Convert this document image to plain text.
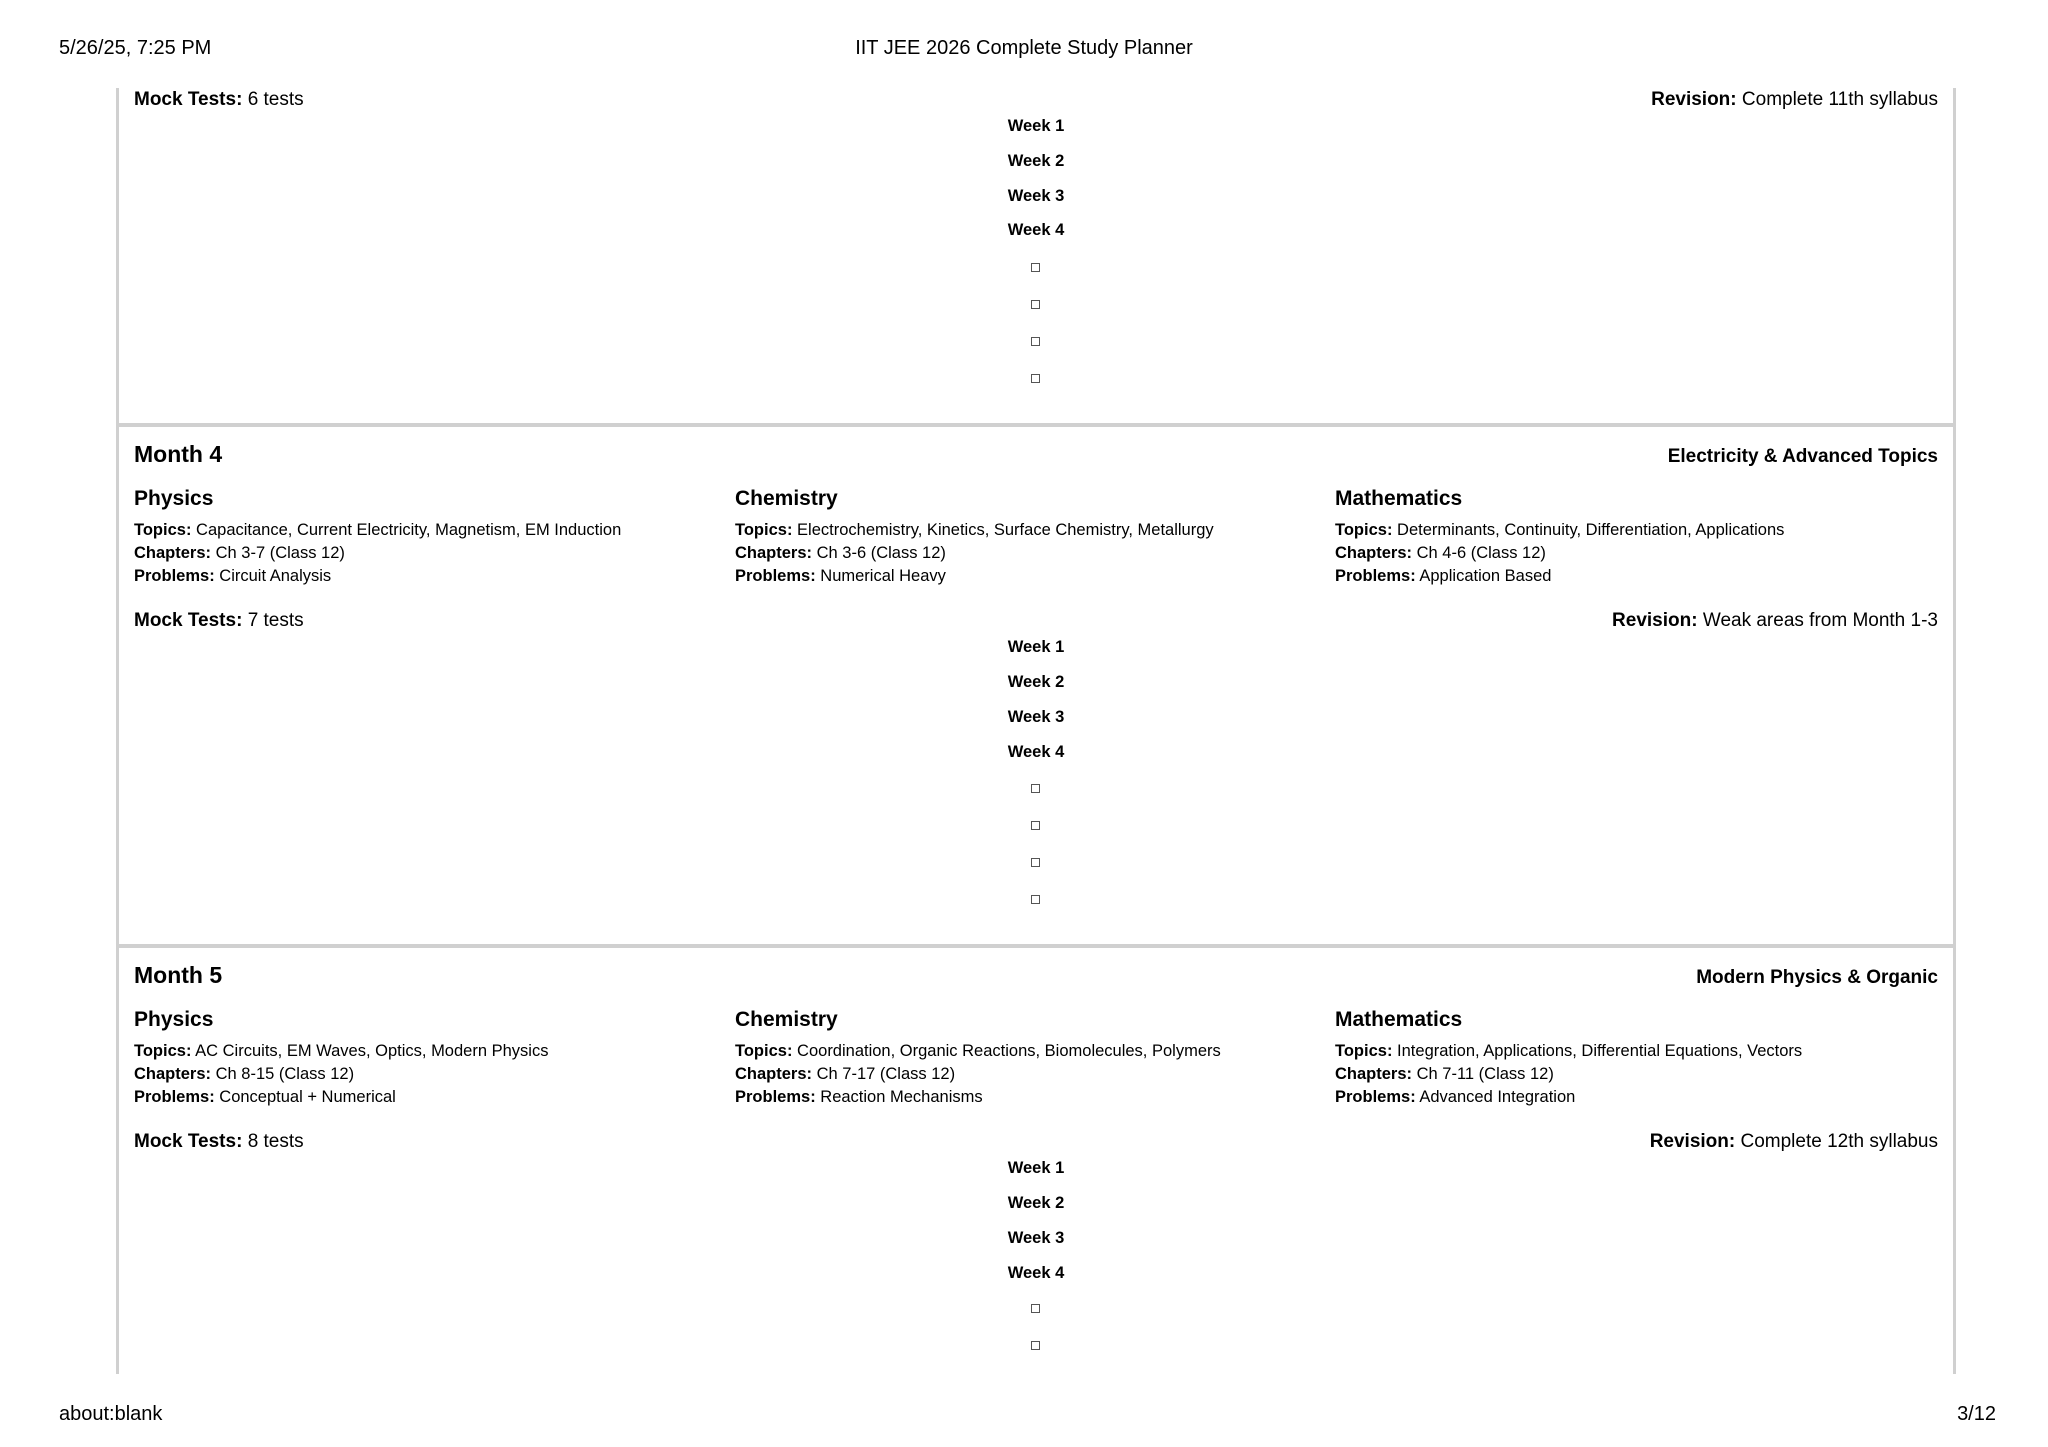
5/26/25, 7:25 PM	IIT JEE 2026 Complete Study Planner
Mock Tests: 6 tests	Revision: Complete 11th syllabus
Week 1
Week 2
Week 3
Week 4
Month 4	Electricity & Advanced Topics
Physics
Topics: Capacitance, Current Electricity, Magnetism, EM Induction
Chapters: Ch 3-7 (Class 12)
Problems: Circuit Analysis
Chemistry
Topics: Electrochemistry, Kinetics, Surface Chemistry, Metallurgy
Chapters: Ch 3-6 (Class 12)
Problems: Numerical Heavy
Mathematics
Topics: Determinants, Continuity, Differentiation, Applications
Chapters: Ch 4-6 (Class 12)
Problems: Application Based
Mock Tests: 7 tests	Revision: Weak areas from Month 1-3
Week 1
Week 2
Week 3
Week 4
Month 5	Modern Physics & Organic
Physics
Topics: AC Circuits, EM Waves, Optics, Modern Physics
Chapters: Ch 8-15 (Class 12)
Problems: Conceptual + Numerical
Chemistry
Topics: Coordination, Organic Reactions, Biomolecules, Polymers
Chapters: Ch 7-17 (Class 12)
Problems: Reaction Mechanisms
Mathematics
Topics: Integration, Applications, Differential Equations, Vectors
Chapters: Ch 7-11 (Class 12)
Problems: Advanced Integration
Mock Tests: 8 tests	Revision: Complete 12th syllabus
Week 1
Week 2
Week 3
Week 4
about:blank	3/12
